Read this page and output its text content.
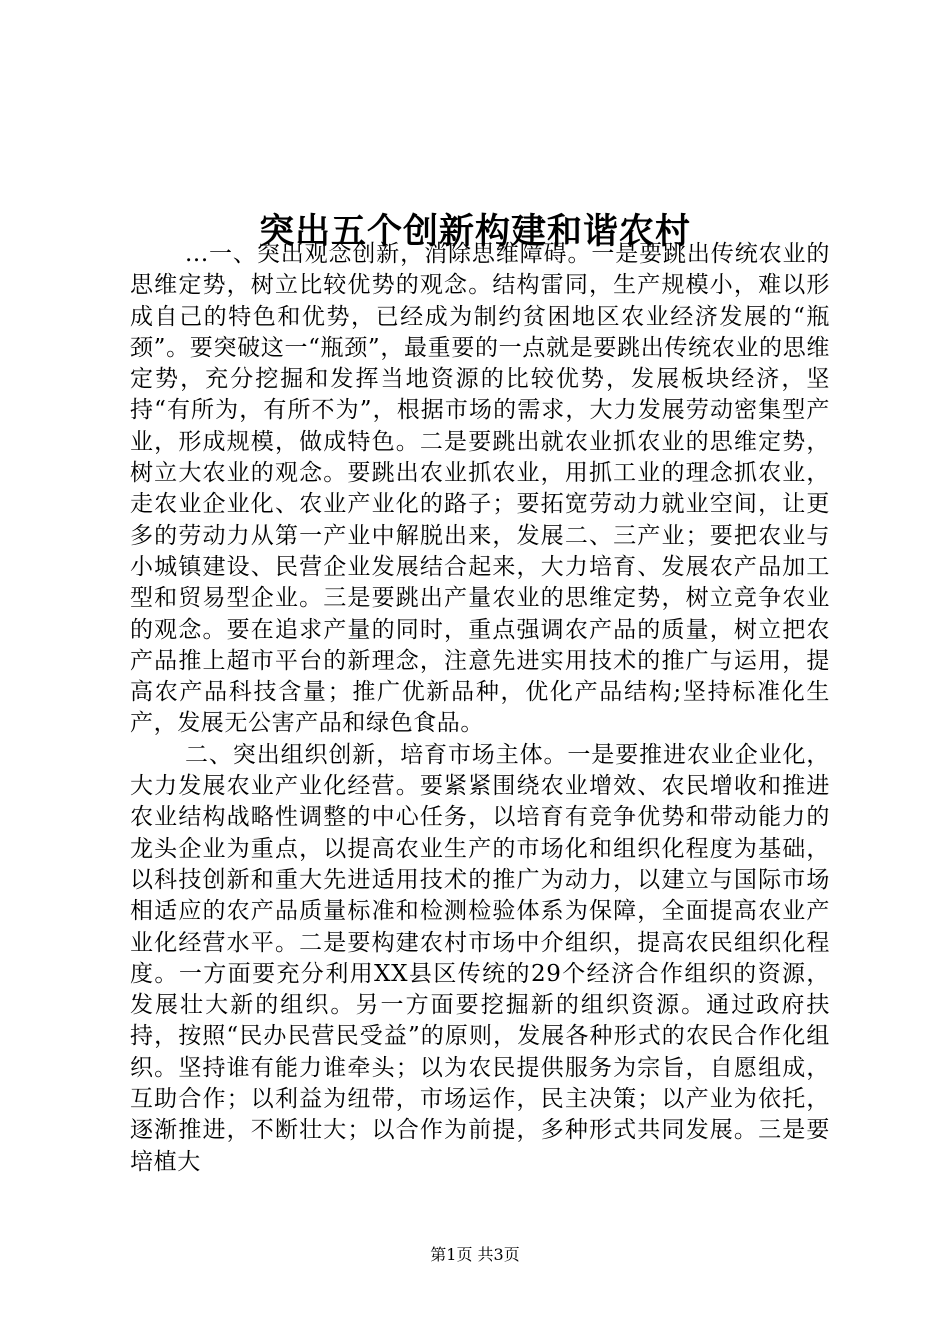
突出五个创新构建和谐农村

...一、突出观念创新，消除思维障碍。一是要跳出传统农业的思维定势，树立比较优势的观念。结构雷同，生产规模小，难以形成自己的特色和优势，已经成为制约贫困地区农业经济发展的“瓶颈”。要突破这一“瓶颈”，最重要的一点就是要跳出传统农业的思维定势，充分挖掘和发挥当地资源的比较优势，发展板块经济，坚持“有所为，有所不为”，根据市场的需求，大力发展劳动密集型产业，形成规模，做成特色。二是要跳出就农业抓农业的思维定势，树立大农业的观念。要跳出农业抓农业，用抓工业的理念抓农业，走农业企业化、农业产业化的路子；要拓宽劳动力就业空间，让更多的劳动力从第一产业中解脱出来，发展二、三产业；要把农业与小城镇建设、民营企业发展结合起来，大力培育、发展农产品加工型和贸易型企业。三是要跳出产量农业的思维定势，树立竞争农业的观念。要在追求产量的同时，重点强调农产品的质量，树立把农产品推上超市平台的新理念，注意先进实用技术的推广与运用，提高农产品科技含量；推广优新品种，优化产品结构;坚持标准化生产，发展无公害产品和绿色食品。

二、突出组织创新，培育市场主体。一是要推进农业企业化，大力发展农业产业化经营。要紧紧围绕农业增效、农民增收和推进农业结构战略性调整的中心任务，以培育有竞争优势和带动能力的龙头企业为重点，以提高农业生产的市场化和组织化程度为基础，以科技创新和重大先进适用技术的推广为动力，以建立与国际市场相适应的农产品质量标准和检测检验体系为保障，全面提高农业产业化经营水平。二是要构建农村市场中介组织，提高农民组织化程度。一方面要充分利用XX县区传统的29个经济合作组织的资源，发展壮大新的组织。另一方面要挖掘新的组织资源。通过政府扶持，按照“民办民营民受益”的原则，发展各种形式的农民合作化组织。坚持谁有能力谁牵头；以为农民提供服务为宗旨，自愿组成，互助合作；以利益为纽带，市场运作，民主决策；以产业为依托，逐渐推进，不断壮大；以合作为前提，多种形式共同发展。三是要培植大

第1页 共3页
